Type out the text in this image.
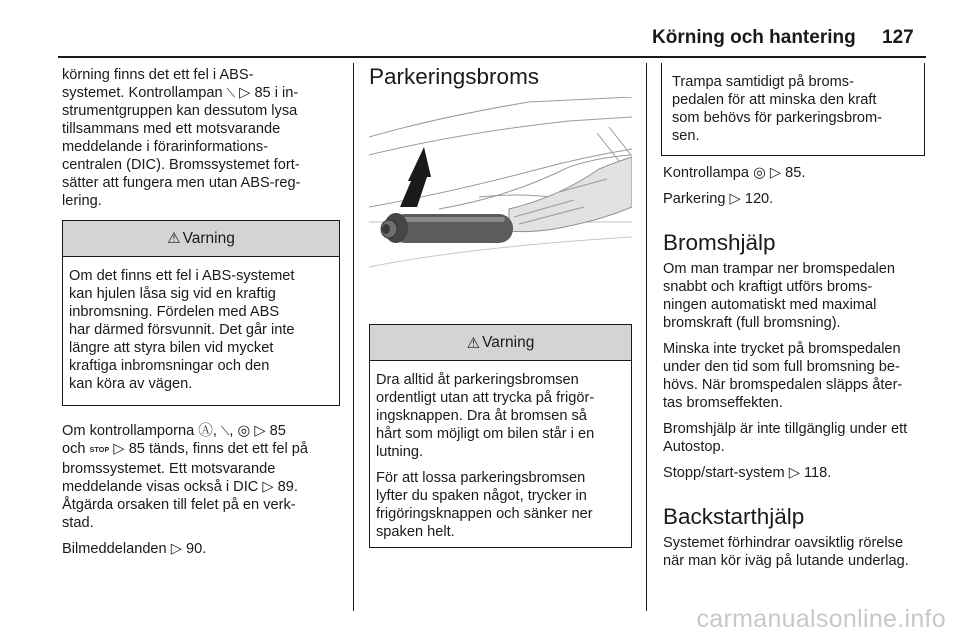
Körning och hantering 127

körning finns det ett fel i ABS-
systemet. Kontrollampan ⟍ ▷ 85 i in-
strumentgruppen kan dessutom lysa
tillsammans med ett motsvarande
meddelande i förarinformations-
centralen (DIC). Bromssystemet fort-
sätter att fungera men utan ABS-reg-
lering.

⚠ Varning
Om det finns ett fel i ABS-systemet
kan hjulen låsa sig vid en kraftig
inbromsning. Fördelen med ABS
har därmed försvunnit. Det går inte
längre att styra bilen vid mycket
kraftiga inbromsningar och den
kan köra av vägen.

Om kontrollamporna Ⓐ, ⟍, ◎ ▷ 85
och STOP ▷ 85 tänds, finns det ett fel på
bromssystemet. Ett motsvarande
meddelande visas också i DIC ▷ 89.
Åtgärda orsaken till felet på en verk-
stad.

Bilmeddelanden ▷ 90.

Parkeringsbroms
⚠ Varning

Dra alltid åt parkeringsbromsen
ordentligt utan att trycka på frigör-
ingsknappen. Dra åt bromsen så
hårt som möjligt om bilen står i en
lutning.

För att lossa parkeringsbromsen
lyfter du spaken något, trycker in
frigöringsknappen och sänker ner
spaken helt.

Trampa samtidigt på broms-
pedalen för att minska den kraft
som behövs för parkeringsbrom-
sen.

Kontrollampa ◎ ▷ 85.

Parkering ▷ 120.

Bromshjälp

Om man trampar ner bromspedalen
snabbt och kraftigt utförs broms-
ningen automatiskt med maximal
bromskraft (full bromsning).

Minska inte trycket på bromspedalen
under den tid som full bromsning be-
hövs. När bromspedalen släpps åter-
tas bromseffekten.

Bromshjälp är inte tillgänglig under ett
Autostop.

Stopp/start-system ▷ 118.

Backstarthjälp

Systemet förhindrar oavsiktlig rörelse
när man kör iväg på lutande underlag.

carmanualsonline.info
